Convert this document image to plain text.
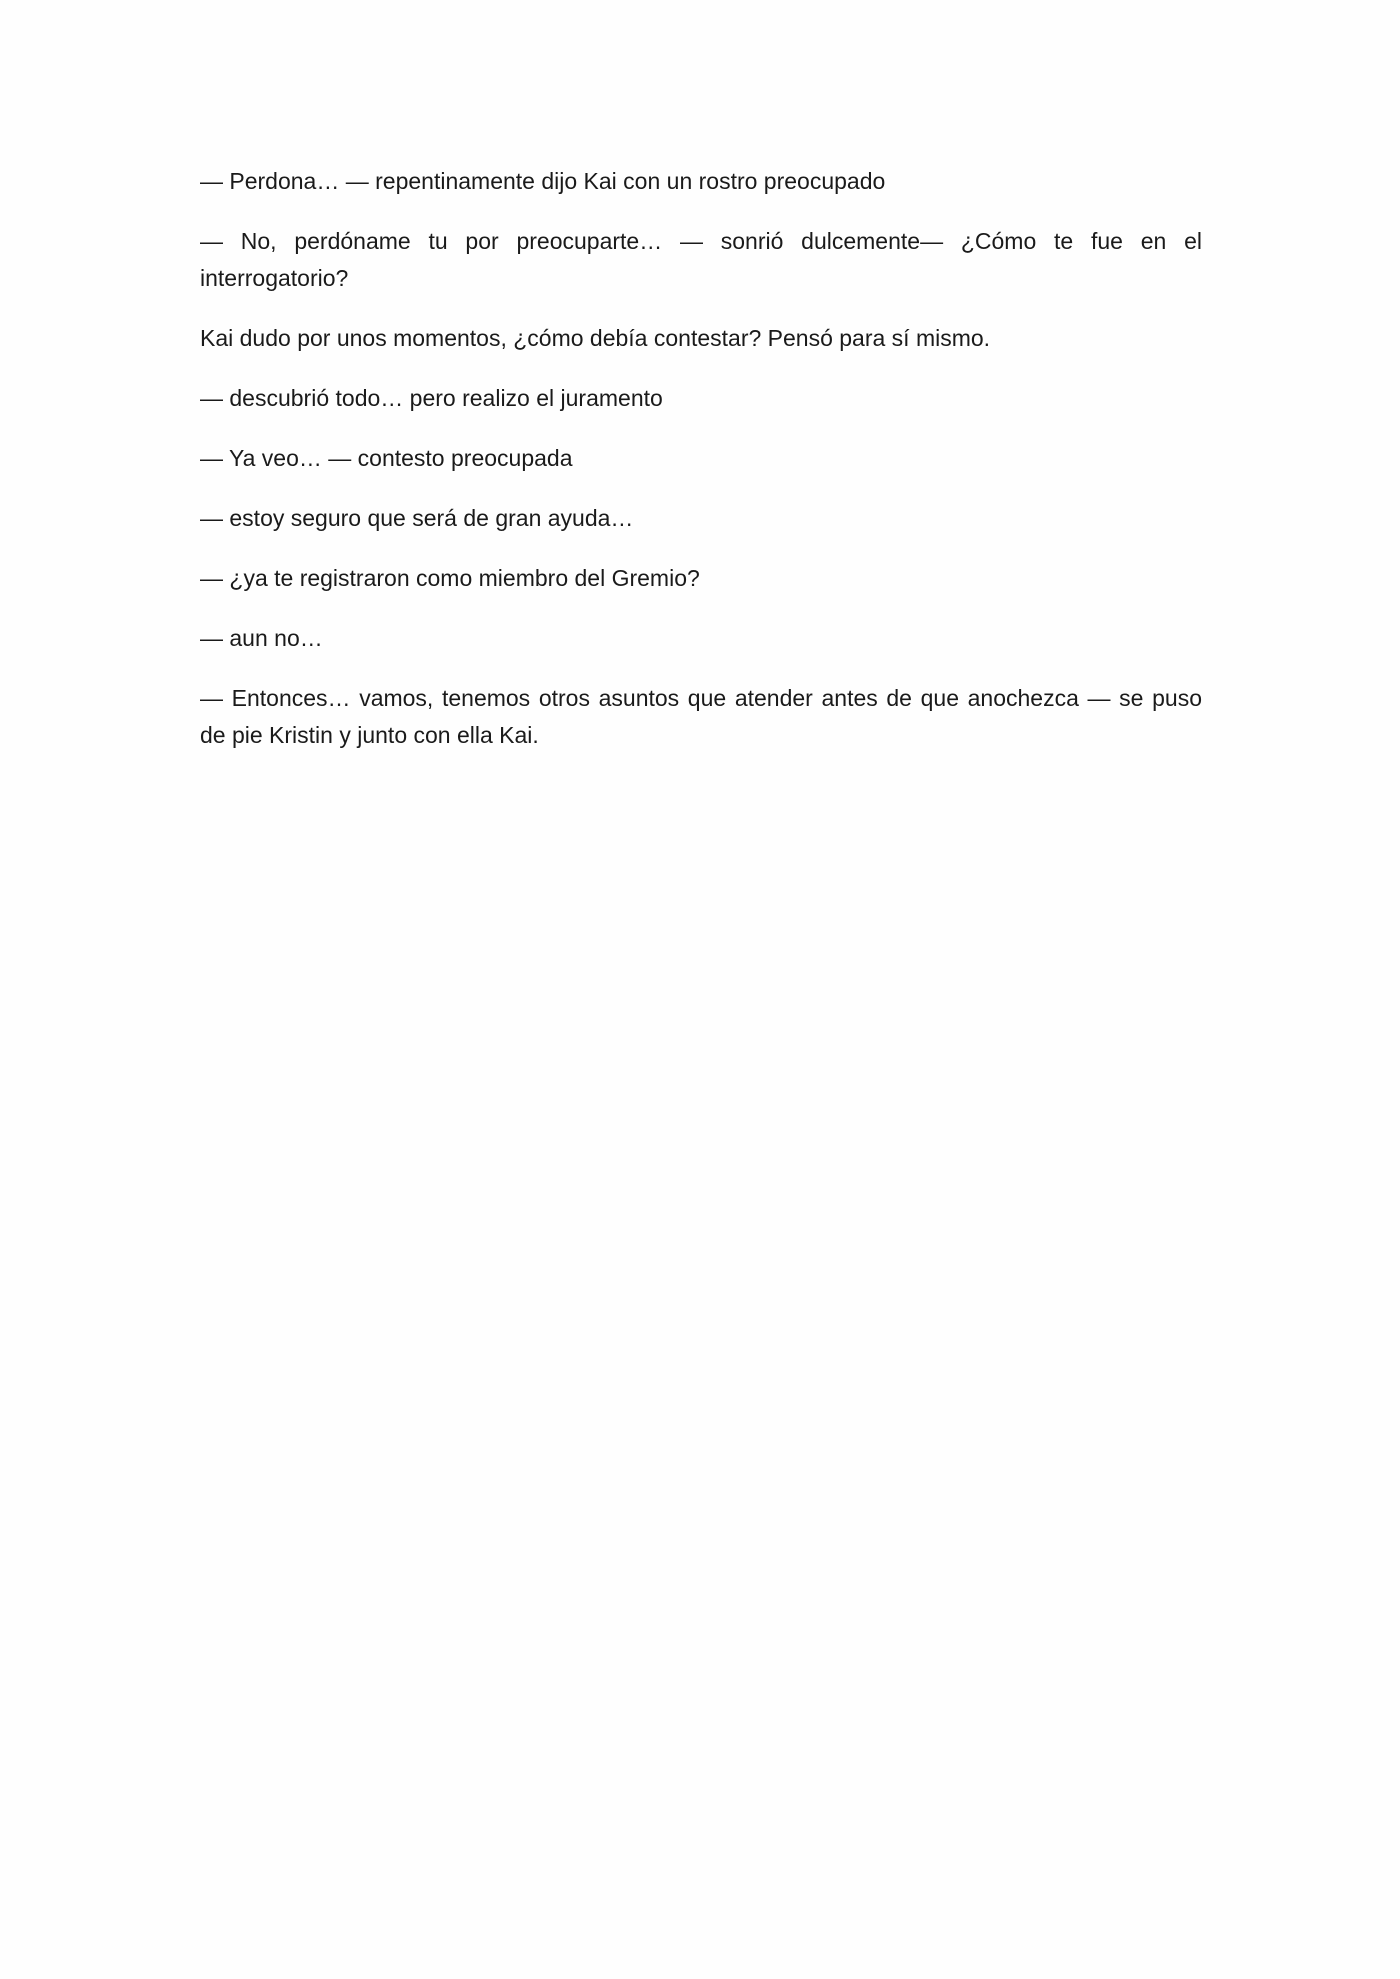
— Perdona… — repentinamente dijo Kai con un rostro preocupado

— No, perdóname tu por preocuparte… — sonrió dulcemente— ¿Cómo te fue en el interrogatorio?

Kai dudo por unos momentos, ¿cómo debía contestar? Pensó para sí mismo.

— descubrió todo… pero realizo el juramento

— Ya veo… — contesto preocupada

— estoy seguro que será de gran ayuda…

— ¿ya te registraron como miembro del Gremio?

— aun no…

— Entonces… vamos, tenemos otros asuntos que atender antes de que anochezca — se puso de pie Kristin y junto con ella Kai.
